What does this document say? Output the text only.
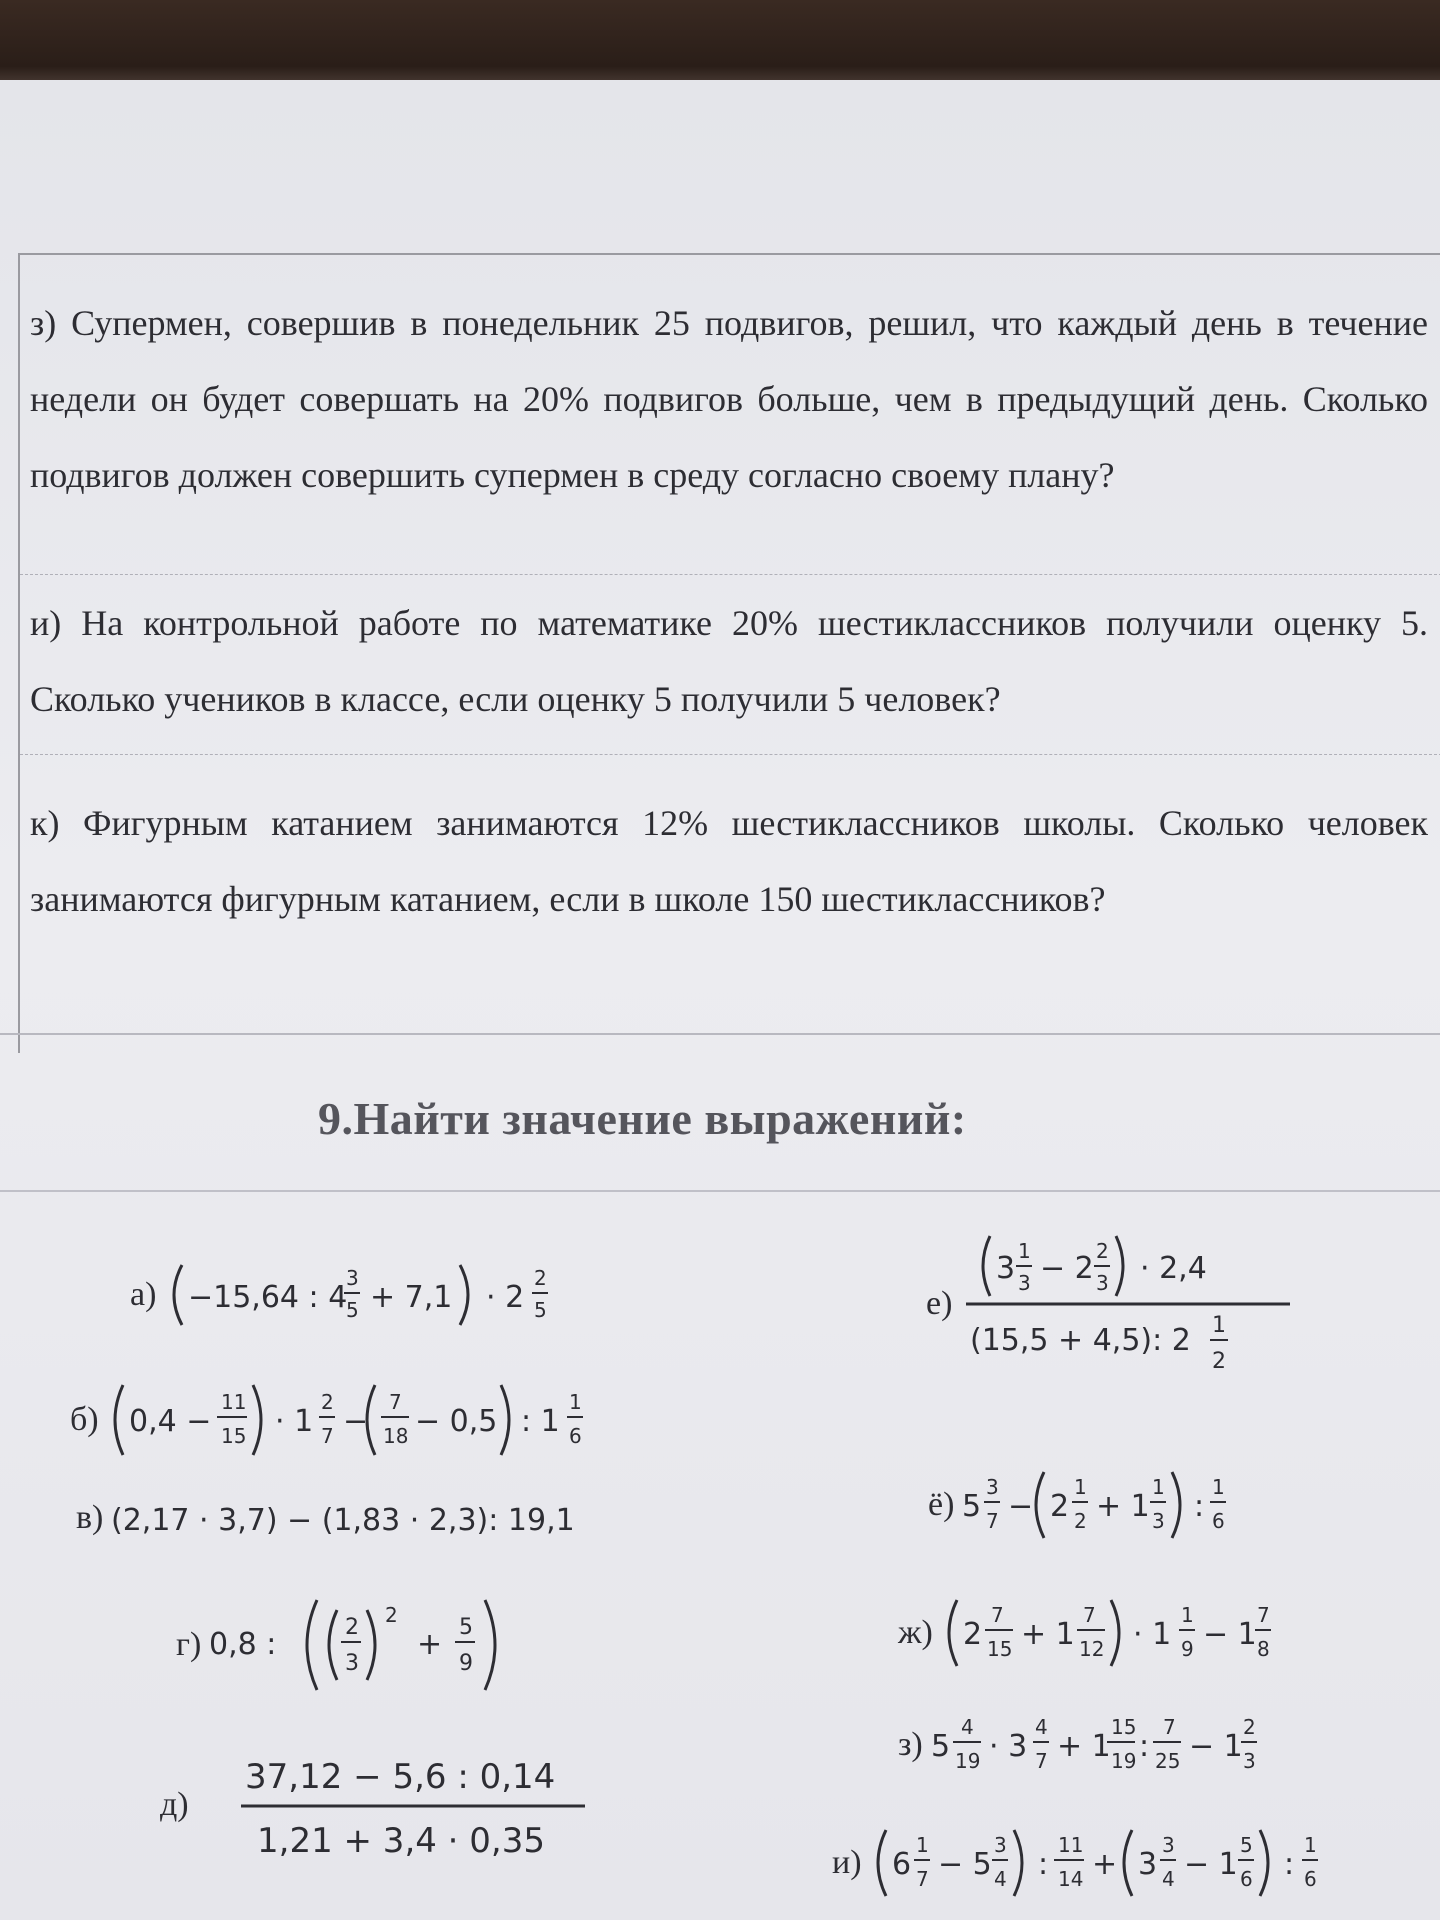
з) Супермен, совершив в понедельник 25 подвигов, решил, что каждый день в течение недели он будет совершать на 20% подвигов больше, чем в предыдущий день. Сколько подвигов должен совершить супермен в среду согласно своему плану?

и) На контрольной работе по математике 20% шестиклассников получили оценку 5. Сколько учеников в классе, если оценку 5 получили 5 человек?

к) Фигурным катанием занимаются 12% шестиклассников школы. Сколько человек занимаются фигурным катанием, если в школе 150 шестиклассников?

9.Найти значение выражений:
а) −15,64 : 4
3
5 + 7,1 · 2
2
5
б) 0,4 −
11
15 · 1
2
7 −
7
18 − 0,5 : 1
1
6
в) (2,17 · 3,7) − (1,83 · 2,3): 19,1
г) 0,8 :	2
3
2
+ 5
9
д)
37,12 − 5,6 : 0,14
1,21 + 3,4 · 0,35
е)
3 1
3 − 2 2
3 · 2,4
(15,5 + 4,5): 2 1
2
ё) 5
3
7 − 2
1
2 + 1
1
3 :
1
6
ж) 2
7
15 + 1
7
12 · 1
1
9 − 1
7
8
з) 5
4
19 · 3
4
7 + 1
15
19 :
7
25 − 1
2
3
и) 6
1
7 − 5
3
4 :
11
14 + 3
3
4 − 1
5
6 :
1
6
